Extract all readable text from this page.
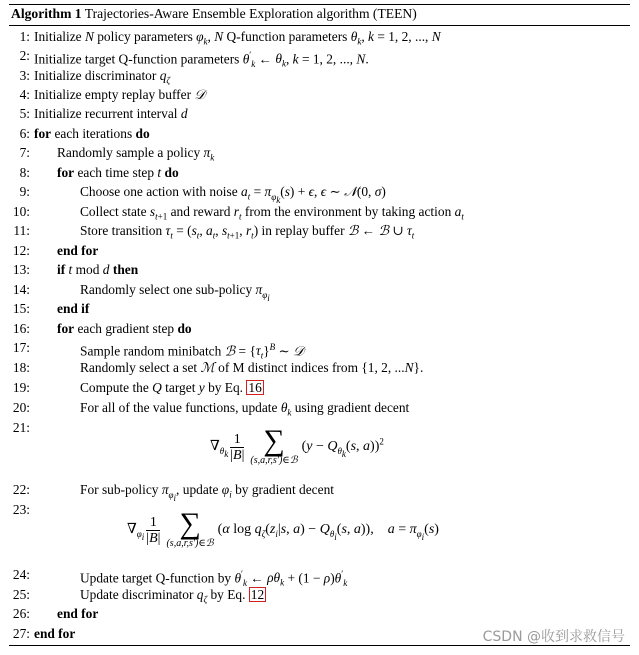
Algorithm 1 Trajectories-Aware Ensemble Exploration algorithm (TEEN)
1: Initialize N policy parameters $\varphi_k$, N Q-function parameters $\theta_k$, k = 1, 2, ..., N
2: Initialize target Q-function parameters $\theta'_k$ ← $\theta_k$, k = 1, 2, ..., N.
3: Initialize discriminator $q_\zeta$
4: Initialize empty replay buffer 𝒟
5: Initialize recurrent interval d
6: for each iterations do
7: Randomly sample a policy $\pi_k$
8: for each time step t do
9:	Choose one action with noise $a_t = \pi_{\varphi_k}(s) + \epsilon$, ϵ ∼ 𝒩(0, σ)
10:	Collect state $s_{t+1}$ and reward $r_t$ from the environment by taking action $a_t$
11:	Store transition $\tau_t = (s_t$, $a_t$, $s_{t+1}$, $r_t$) in replay buffer ℬ ← ℬ ∪ $\tau_t$
12: end for
13: if t mod d then
14:	Randomly select one sub-policy $\pi_{\varphi_i}$
15: end if
16: for each gradient step do
17:	Sample random minibatch ℬ = $\{\tau_t\}^B$ ∼ 𝒟
18:	Randomly select a set ℳ of M distinct indices from {1, 2, ...N}.
19:	Compute the Q target y by Eq. 16
20:	For all of the value functions, update $\theta_k$ using gradient decent
21:
22:	For sub-policy $\pi_{\varphi_i}$, update $\varphi_i$ by gradient decent
23:
24:	Update target Q-function by $\theta'_k$ ← $\rho\theta_k + (1 - \rho)\theta'_k$
25:	Update discriminator $q_\zeta$ by Eq. 12
26: end for
27: end for
$\nabla_{\theta_k} \frac{1}{|B|}$ ∑
(s,a,r,s′)∈ℬ
($y - Q_{\theta_k}(s$, a))$^2$
$\nabla_{\varphi_i} \frac{1}{|B|}$ ∑
(s,a,r,s′)∈ℬ
(α $\log q_\zeta(z_i|s$, $a) - Q_{\theta_i}(s$, a)),    $a = \pi_{\varphi_i}(s)$
CSDN @收到求救信号
